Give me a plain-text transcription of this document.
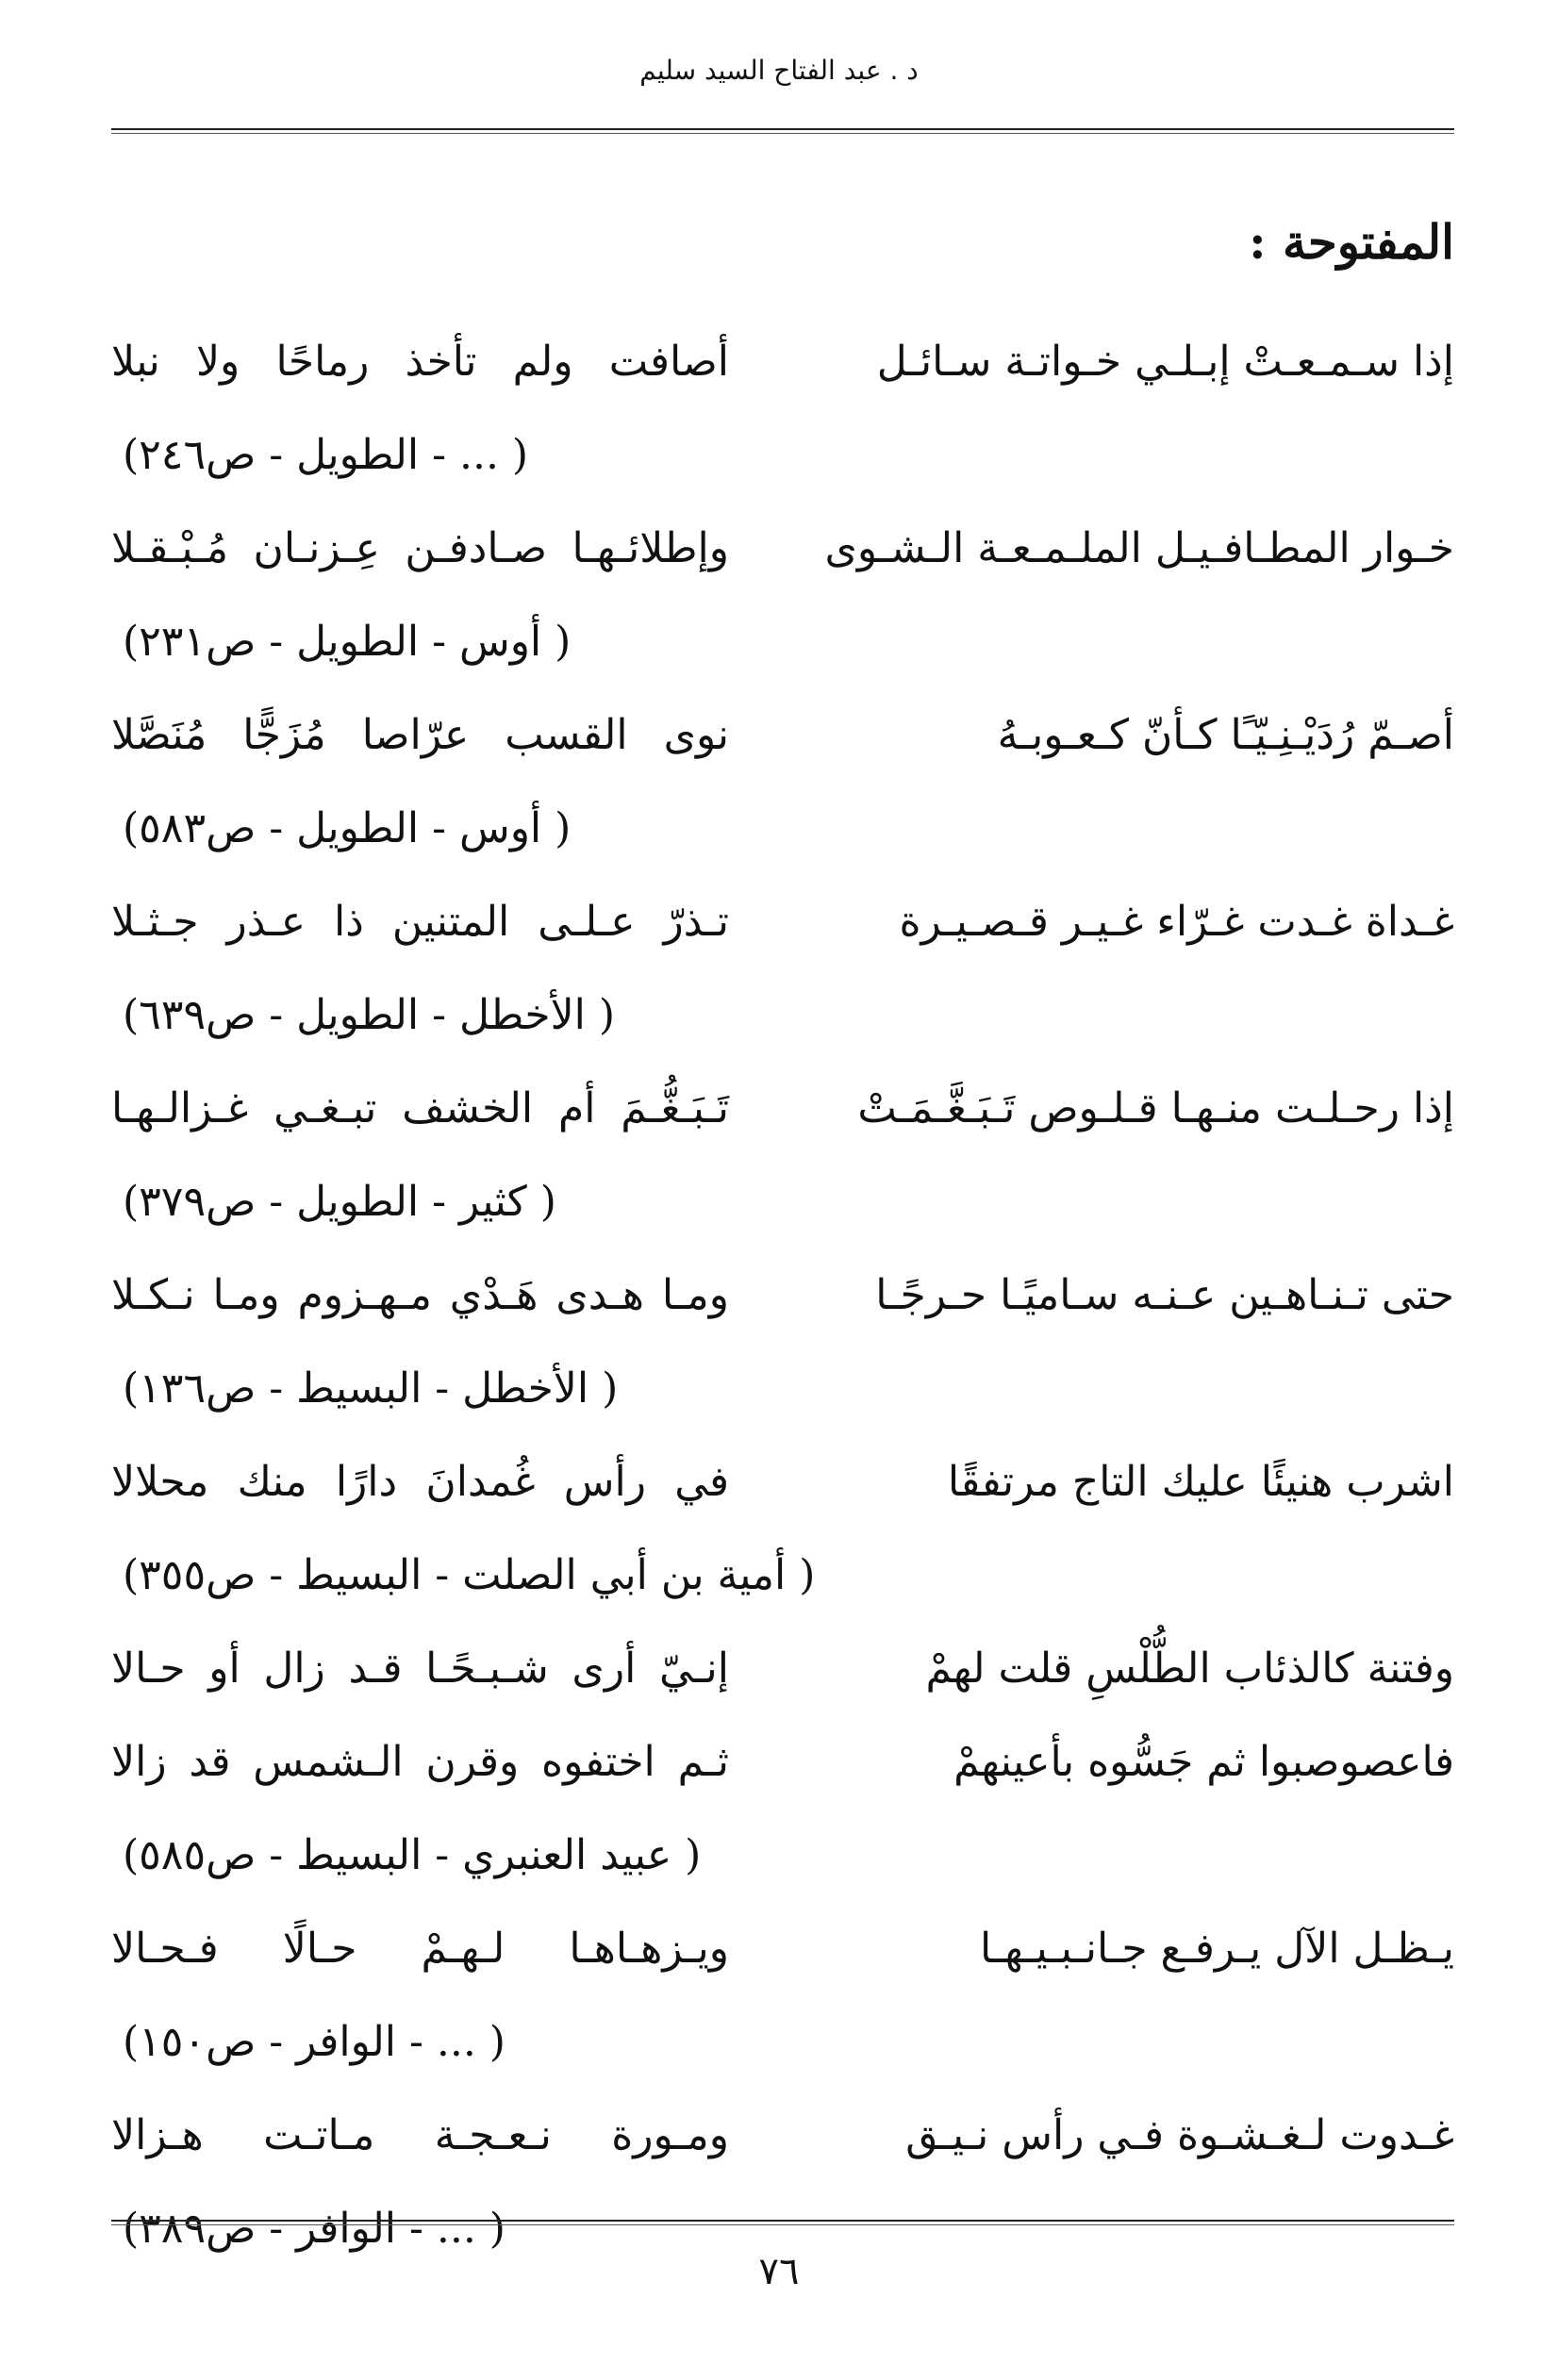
د . عبد الفتاح السيد سليم
المفتوحة :
إذا سـمـعـتْ إبـلـي خـواتـة سـائـل
أصافت ولم تأخذ رماحًا ولا نبلا
( ... - الطويل - ص٢٤٦)
خـوار المطـافـيـل الملـمـعـة الـشـوى
وإطلائـهـا صـادفـن عِـزنـان مُـبْـقـلا
( أوس - الطويل - ص٢٣١)
أصـمّ رُدَيْـنِـيّـًا كـأنّ كـعـوبـهُ
نوى القسب عرّاصا مُزَجًّا مُنَصَّلا
( أوس - الطويل - ص٥٨٣)
غـداة غـدت غـرّاء غـيـر قـصـيـرة
تـذرّ عـلـى المتنين ذا عـذر جـثـلا
( الأخطل - الطويل - ص٦٣٩)
إذا رحـلـت منـهـا قـلـوص تَـبَـغَّـمَـتْ
تَـبَـغُّـمَ أم الخشف تبـغـي غـزالـهـا
( كثير - الطويل - ص٣٧٩)
حتى تـنـاهـين عـنـه سـاميًـا حـرجًـا
ومـا هـدى هَـدْي مـهـزوم ومـا نـكـلا
( الأخطل - البسيط - ص١٣٦)
اشرب هنيئًا عليك التاج مرتفقًا
في رأس غُمدانَ دارًا منك محلالا
( أمية بن أبي الصلت - البسيط - ص٣٥٥)
وفتنة كالذئاب الطُّلْسِ قلت لهمْ
إنـيّ أرى شـبـحًـا قـد زال أو حـالا
فاعصوصبوا ثم جَسُّوه بأعينهمْ
ثـم اختفوه وقرن الـشمس قد زالا
( عبيد العنبري - البسيط - ص٥٨٥)
يـظـل الآل يـرفـع جـانـبـيـهـا
ويـزهـاهـا لـهـمْ حـالًا فـحـالا
( ... - الوافر - ص١٥٠)
غـدوت لـغـشـوة فـي رأس نـيـق
ومـورة نـعـجـة مـاتـت هـزالا
( ... - الوافر - ص٣٨٩)
٧٦
